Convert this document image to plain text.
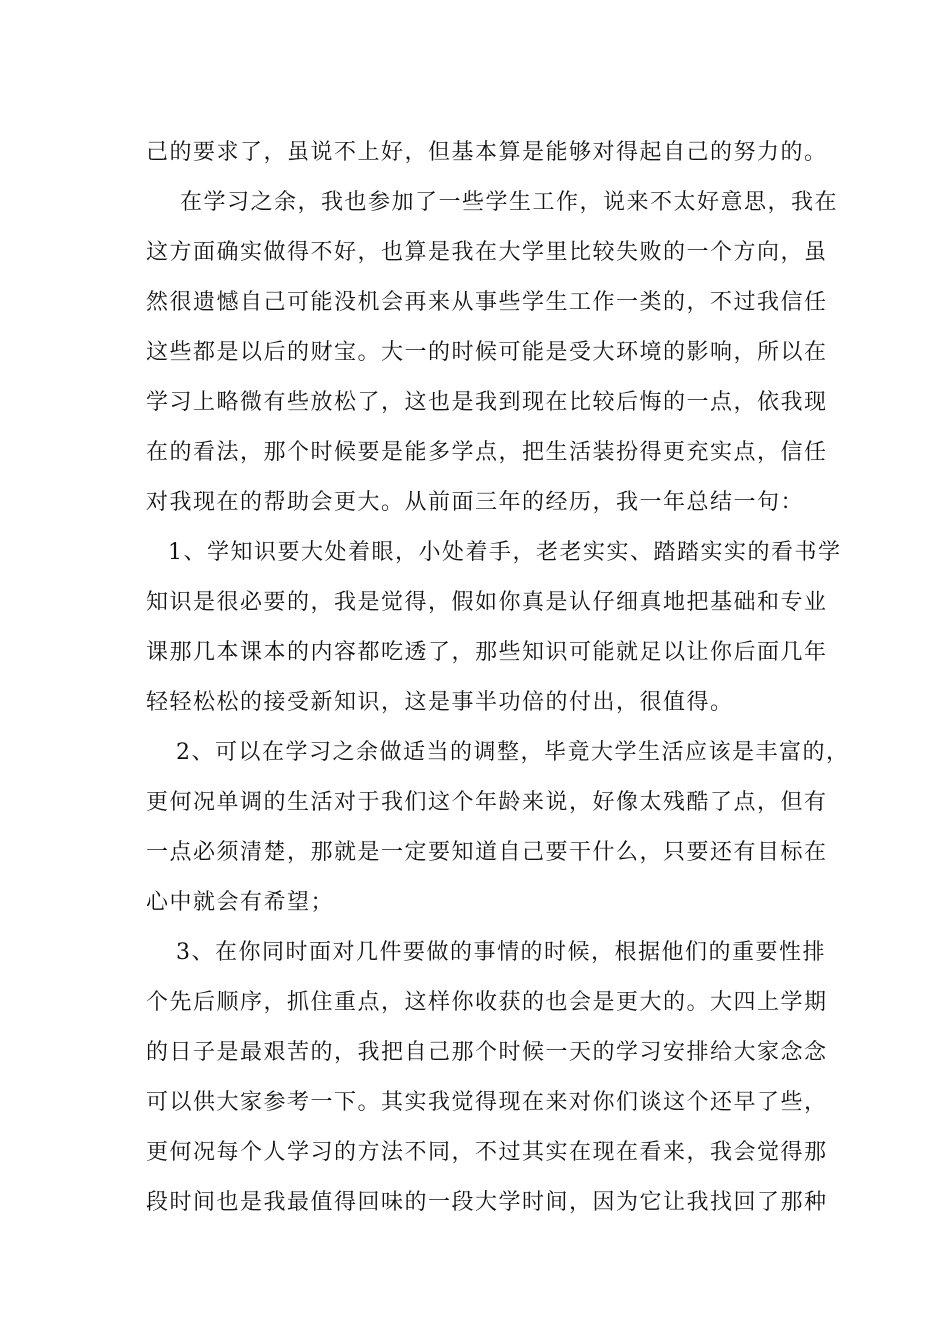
己的要求了，虽说不上好，但基本算是能够对得起自己的努力的。
在学习之余，我也参加了一些学生工作，说来不太好意思，我在
这方面确实做得不好，也算是我在大学里比较失败的一个方向，虽
然很遗憾自己可能没机会再来从事些学生工作一类的，不过我信任
这些都是以后的财宝。大一的时候可能是受大环境的影响，所以在
学习上略微有些放松了，这也是我到现在比较后悔的一点，依我现
在的看法，那个时候要是能多学点，把生活装扮得更充实点，信任
对我现在的帮助会更大。从前面三年的经历，我一年总结一句：
1、学知识要大处着眼，小处着手，老老实实、踏踏实实的看书学
知识是很必要的，我是觉得，假如你真是认仔细真地把基础和专业
课那几本课本的内容都吃透了，那些知识可能就足以让你后面几年
轻轻松松的接受新知识，这是事半功倍的付出，很值得。
2、可以在学习之余做适当的调整，毕竟大学生活应该是丰富的，
更何况单调的生活对于我们这个年龄来说，好像太残酷了点，但有
一点必须清楚，那就是一定要知道自己要干什么，只要还有目标在
心中就会有希望；
3、在你同时面对几件要做的事情的时候，根据他们的重要性排
个先后顺序，抓住重点，这样你收获的也会是更大的。大四上学期
的日子是最艰苦的，我把自己那个时候一天的学习安排给大家念念
可以供大家参考一下。其实我觉得现在来对你们谈这个还早了些，
更何况每个人学习的方法不同，不过其实在现在看来，我会觉得那
段时间也是我最值得回味的一段大学时间，因为它让我找回了那种
